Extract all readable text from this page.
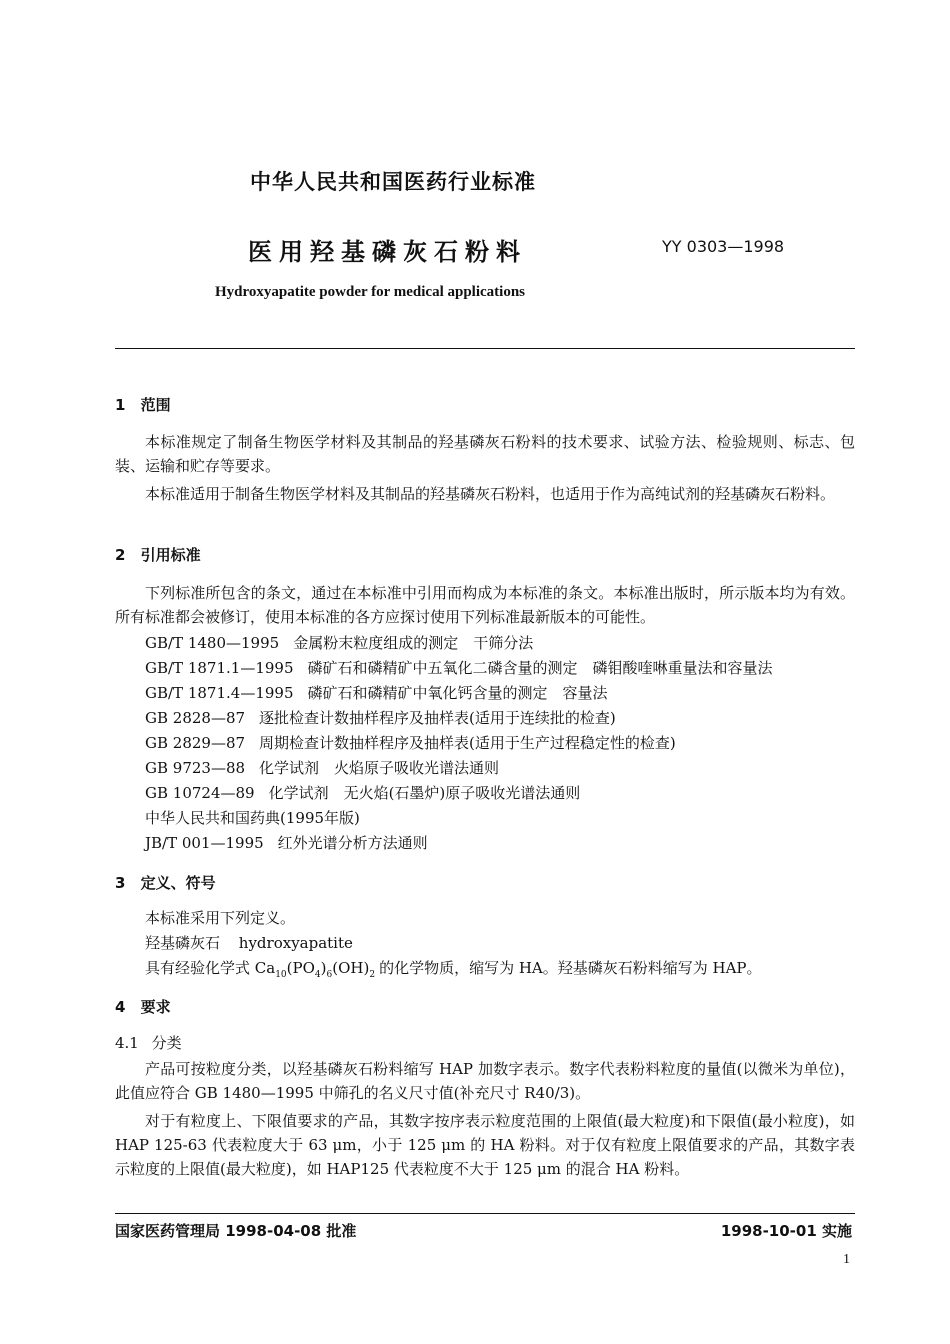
中华人民共和国医药行业标准
医用羟基磷灰石粉料	YY 0303—1998
Hydroxyapatite powder for medical applications
1 范围
本标准规定了制备生物医学材料及其制品的羟基磷灰石粉料的技术要求、试验方法、检验规则、标志、包装、运输和贮存等要求。
本标准适用于制备生物医学材料及其制品的羟基磷灰石粉料，也适用于作为高纯试剂的羟基磷灰石粉料。
2 引用标准
下列标准所包含的条文，通过在本标准中引用而构成为本标准的条文。本标准出版时，所示版本均为有效。所有标准都会被修订，使用本标准的各方应探讨使用下列标准最新版本的可能性。
GB/T 1480—1995 金属粉末粒度组成的测定　干筛分法
GB/T 1871.1—1995 磷矿石和磷精矿中五氧化二磷含量的测定　磷钼酸喹啉重量法和容量法
GB/T 1871.4—1995 磷矿石和磷精矿中氧化钙含量的测定　容量法
GB 2828—87 逐批检查计数抽样程序及抽样表(适用于连续批的检查)
GB 2829—87 周期检查计数抽样程序及抽样表(适用于生产过程稳定性的检查)
GB 9723—88 化学试剂　火焰原子吸收光谱法通则
GB 10724—89 化学试剂　无火焰(石墨炉)原子吸收光谱法通则
中华人民共和国药典(1995年版)
JB/T 001—1995 红外光谱分析方法通则
3 定义、符号
本标准采用下列定义。
羟基磷灰石 hydroxyapatite
具有经验化学式 $Ca_{10}(PO_4)_6(OH)_2$ 的化学物质，缩写为 HA。羟基磷灰石粉料缩写为 HAP。
4 要求
4.1 分类
产品可按粒度分类，以羟基磷灰石粉料缩写 HAP 加数字表示。数字代表粉料粒度的量值(以微米为单位)，此值应符合 GB 1480—1995 中筛孔的名义尺寸值(补充尺寸 R40/3)。
对于有粒度上、下限值要求的产品，其数字按序表示粒度范围的上限值(最大粒度)和下限值(最小粒度)，如 HAP 125-63 代表粒度大于 63 μm，小于 125 μm 的 HA 粉料。对于仅有粒度上限值要求的产品，其数字表示粒度的上限值(最大粒度)，如 HAP125 代表粒度不大于 125 μm 的混合 HA 粉料。
国家医药管理局 1998-04-08 批准	1998-10-01 实施
1
